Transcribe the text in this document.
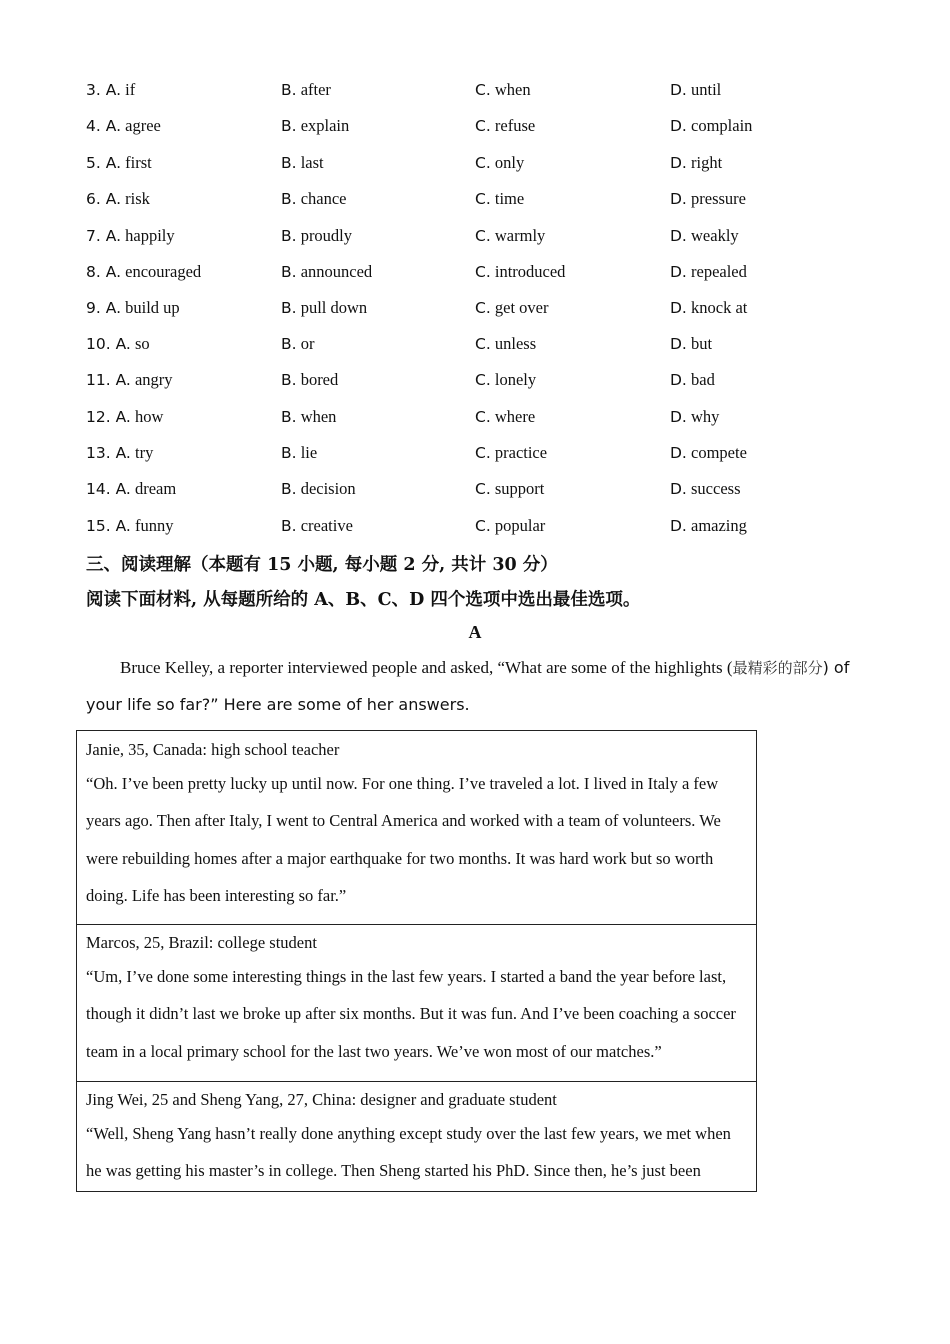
3. A. if	B. after	C. when	D. until
4. A. agree	B. explain	C. refuse	D. complain
5. A. first	B. last	C. only	D. right
6. A. risk	B. chance	C. time	D. pressure
7. A. happily	B. proudly	C. warmly	D. weakly
8. A. encouraged	B. announced	C. introduced	D. repealed
9. A. build up	B. pull down	C. get over	D. knock at
10. A. so	B. or	C. unless	D. but
11. A. angry	B. bored	C. lonely	D. bad
12. A. how	B. when	C. where	D. why
13. A. try	B. lie	C. practice	D. compete
14. A. dream	B. decision	C. support	D. success
15. A. funny	B. creative	C. popular	D. amazing
三、阅读理解（本题有 15 小题, 每小题 2 分, 共计 30 分）
阅读下面材料, 从每题所给的 A、B、C、D 四个选项中选出最佳选项。
A
Bruce Kelley, a reporter interviewed people and asked, “What are some of the highlights (最精彩的部分) of
your life so far?” Here are some of her answers.
Janie, 35, Canada: high school teacher
“Oh. I’ve been pretty lucky up until now. For one thing. I’ve traveled a lot. I lived in Italy a few
years ago. Then after Italy, I went to Central America and worked with a team of volunteers. We
were rebuilding homes after a major earthquake for two months. It was hard work but so worth
doing. Life has been interesting so far.”
Marcos, 25, Brazil: college student
“Um, I’ve done some interesting things in the last few years. I started a band the year before last,
though it didn’t last we broke up after six months. But it was fun. And I’ve been coaching a soccer
team in a local primary school for the last two years. We’ve won most of our matches.”
Jing Wei, 25 and Sheng Yang, 27, China: designer and graduate student
“Well, Sheng Yang hasn’t really done anything except study over the last few years, we met when
he was getting his master’s in college. Then Sheng started his PhD. Since then, he’s just been
